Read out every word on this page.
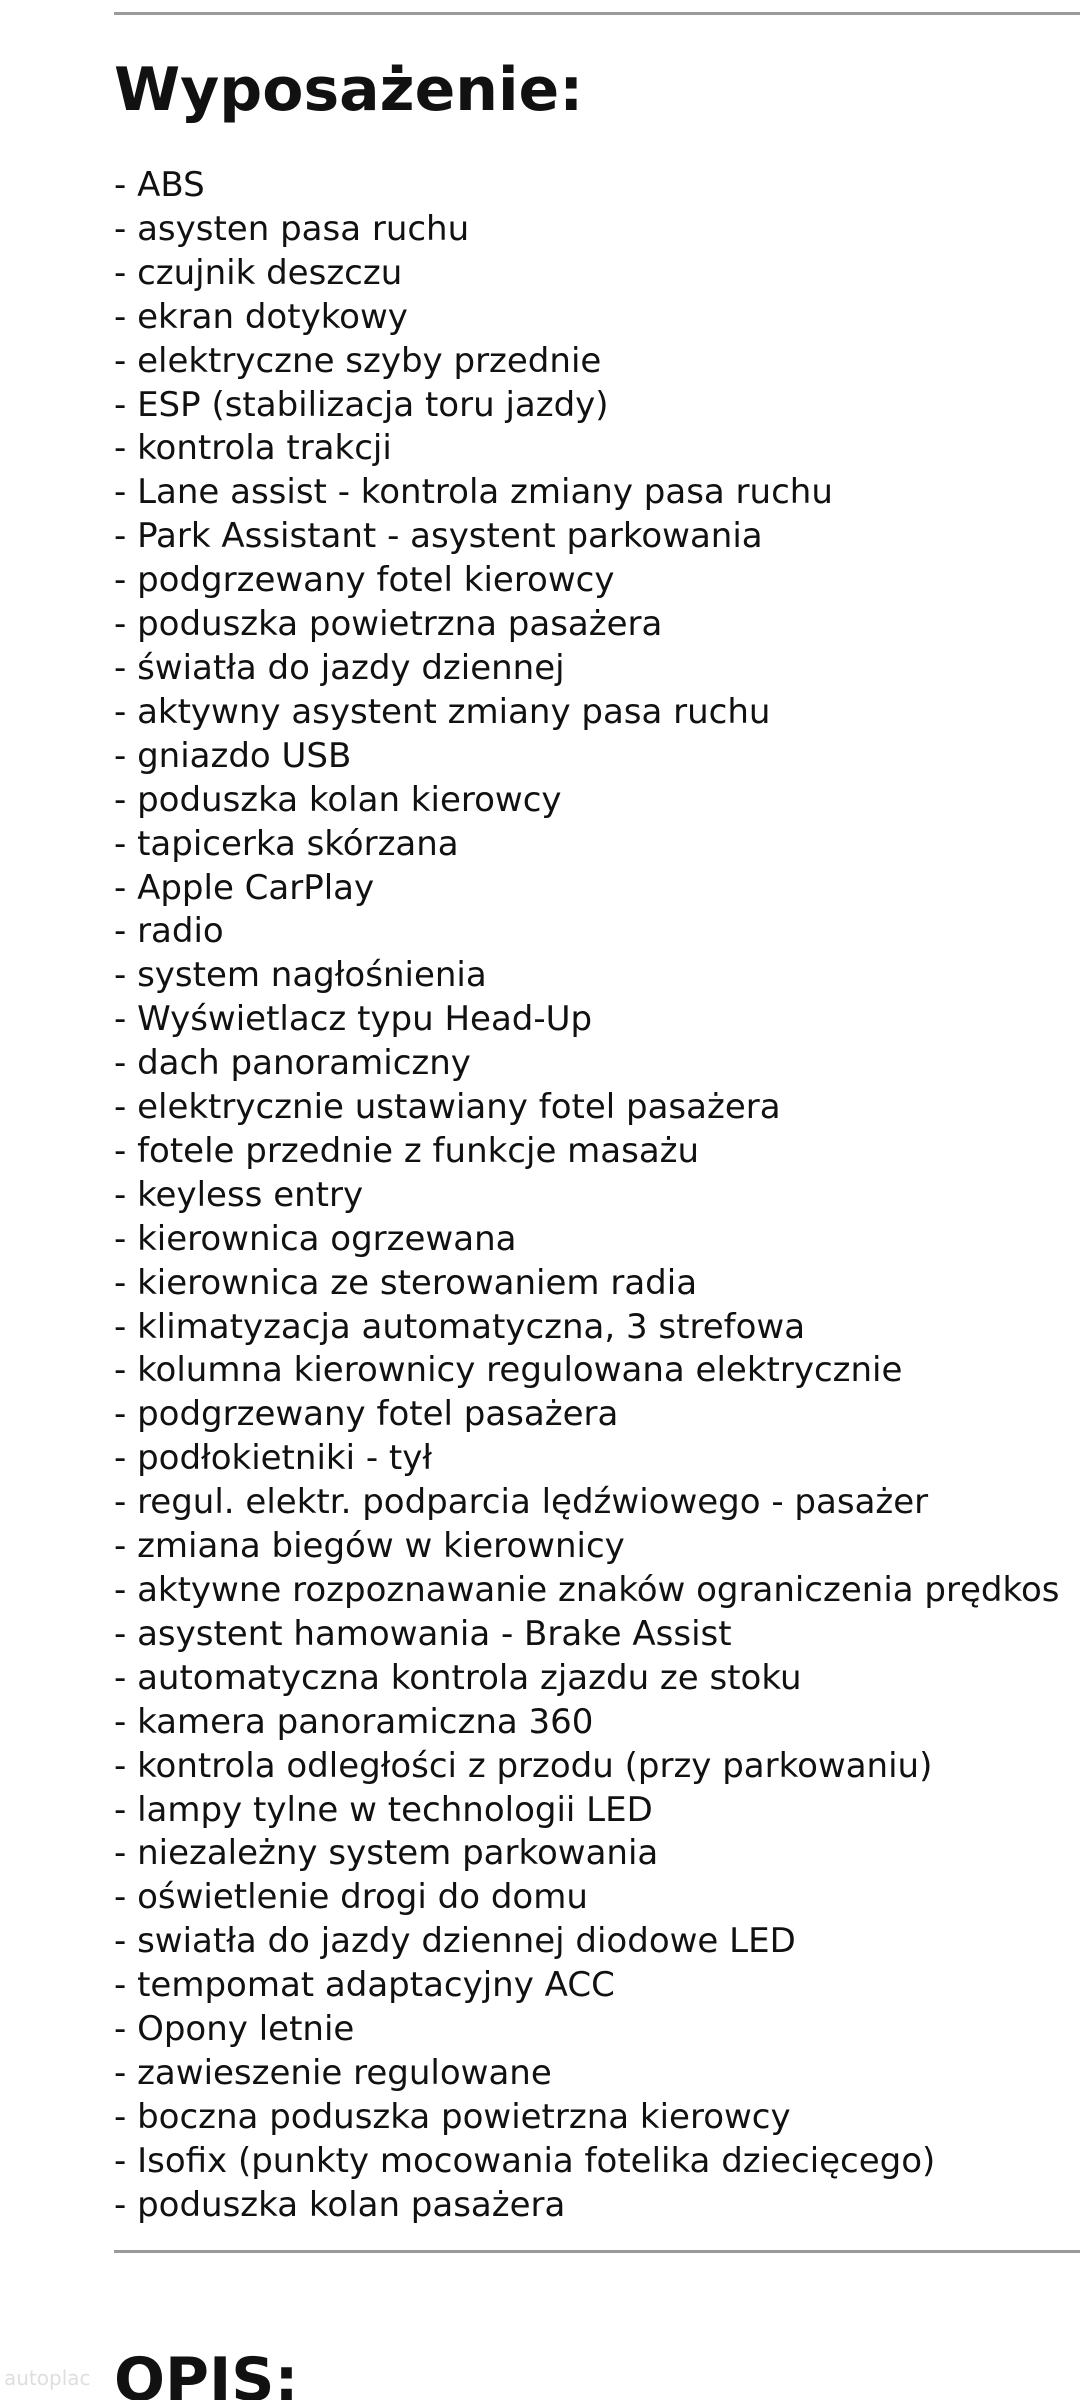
Wyposażenie:
- ABS
- asysten pasa ruchu
- czujnik deszczu
- ekran dotykowy
- elektryczne szyby przednie
- ESP (stabilizacja toru jazdy)
- kontrola trakcji
- Lane assist - kontrola zmiany pasa ruchu
- Park Assistant - asystent parkowania
- podgrzewany fotel kierowcy
- poduszka powietrzna pasażera
- światła do jazdy dziennej
- aktywny asystent zmiany pasa ruchu
- gniazdo USB
- poduszka kolan kierowcy
- tapicerka skórzana
- Apple CarPlay
- radio
- system nagłośnienia
- Wyświetlacz typu Head-Up
- dach panoramiczny
- elektrycznie ustawiany fotel pasażera
- fotele przednie z funkcje masażu
- keyless entry
- kierownica ogrzewana
- kierownica ze sterowaniem radia
- klimatyzacja automatyczna, 3 strefowa
- kolumna kierownicy regulowana elektrycznie
- podgrzewany fotel pasażera
- podłokietniki - tył
- regul. elektr. podparcia lędźwiowego - pasażer
- zmiana biegów w kierownicy
- aktywne rozpoznawanie znaków ograniczenia prędkos
- asystent hamowania - Brake Assist
- automatyczna kontrola zjazdu ze stoku
- kamera panoramiczna 360
- kontrola odległości z przodu (przy parkowaniu)
- lampy tylne w technologii LED
- niezależny system parkowania
- oświetlenie drogi do domu
- swiatła do jazdy dziennej diodowe LED
- tempomat adaptacyjny ACC
- Opony letnie
- zawieszenie regulowane
- boczna poduszka powietrzna kierowcy
- Isofix (punkty mocowania fotelika dziecięcego)
- poduszka kolan pasażera
OPIS:
autoplac
